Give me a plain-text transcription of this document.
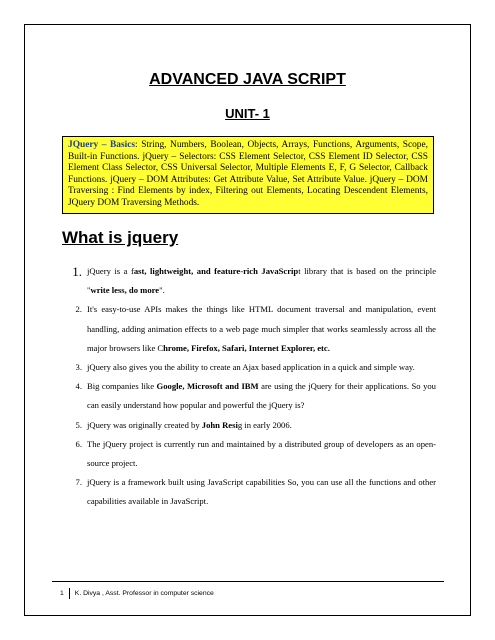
ADVANCED JAVA SCRIPT
UNIT- 1
JQuery – Basics: String, Numbers, Boolean, Objects, Arrays, Functions, Arguments, Scope, Built-in Functions. jQuery – Selectors: CSS Element Selector, CSS Element ID Selector, CSS Element Class Selector, CSS Universal Selector, Multiple Elements E, F, G Selector, Callback Functions. jQuery – DOM Attributes: Get Attribute Value, Set Attribute Value. jQuery – DOM Traversing : Find Elements by index, Filtering out Elements, Locating Descendent Elements, JQuery DOM Traversing Methods.
What is jquery
1. jQuery is a fast, lightweight, and feature-rich JavaScript library that is based on the principle "write less, do more".
2. It's easy-to-use APIs makes the things like HTML document traversal and manipulation, event handling, adding animation effects to a web page much simpler that works seamlessly across all the major browsers like Chrome, Firefox, Safari, Internet Explorer, etc.
3. jQuery also gives you the ability to create an Ajax based application in a quick and simple way.
4. Big companies like Google, Microsoft and IBM are using the jQuery for their applications. So you can easily understand how popular and powerful the jQuery is?
5. jQuery was originally created by John Resig in early 2006.
6. The jQuery project is currently run and maintained by a distributed group of developers as an open-source project.
7. jQuery is a framework built using JavaScript capabilities So, you can use all the functions and other capabilities available in JavaScript.
1	K. Divya , Asst. Professor in computer science
